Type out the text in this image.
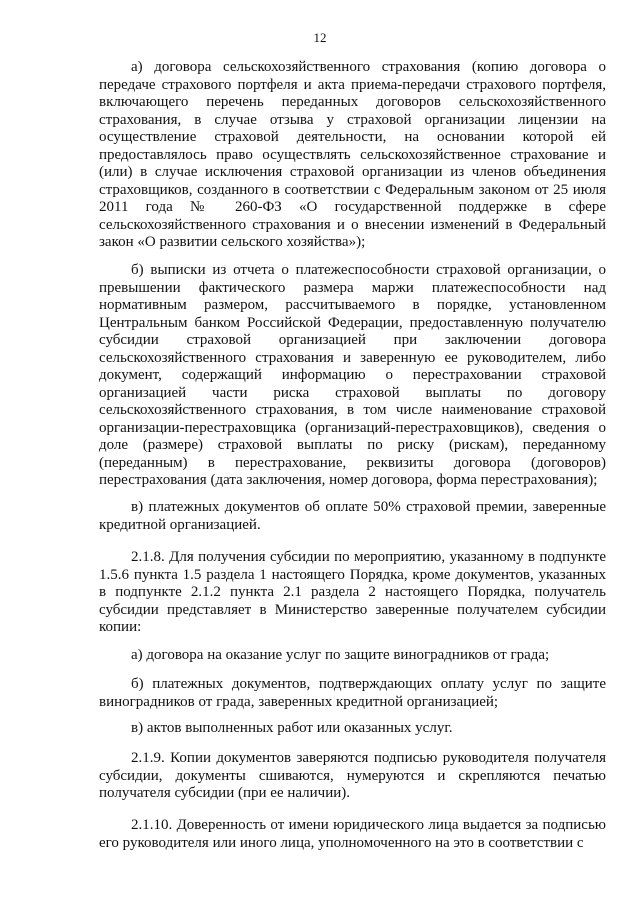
12

а) договора сельскохозяйственного страхования (копию договора о передаче страхового портфеля и акта приема-передачи страхового портфеля, включающего перечень переданных договоров сельскохозяйственного страхования, в случае отзыва у страховой организации лицензии на осуществление страховой деятельности, на основании которой ей предоставлялось право осуществлять сельскохозяйственное страхование и (или) в случае исключения страховой организации из членов объединения страховщиков, созданного в соответствии с Федеральным законом от 25 июля 2011 года № 260-ФЗ «О государственной поддержке в сфере сельскохозяйственного страхования и о внесении изменений в Федеральный закон «О развитии сельского хозяйства»);

б) выписки из отчета о платежеспособности страховой организации, о превышении фактического размера маржи платежеспособности над нормативным размером, рассчитываемого в порядке, установленном Центральным банком Российской Федерации, предоставленную получателю субсидии страховой организацией при заключении договора сельскохозяйственного страхования и заверенную ее руководителем, либо документ, содержащий информацию о перестраховании страховой организацией части риска страховой выплаты по договору сельскохозяйственного страхования, в том числе наименование страховой организации-перестраховщика (организаций-перестраховщиков), сведения о доле (размере) страховой выплаты по риску (рискам), переданному (переданным) в перестрахование, реквизиты договора (договоров) перестрахования (дата заключения, номер договора, форма перестрахования);

в) платежных документов об оплате 50% страховой премии, заверенные кредитной организацией.

2.1.8. Для получения субсидии по мероприятию, указанному в подпункте 1.5.6 пункта 1.5 раздела 1 настоящего Порядка, кроме документов, указанных в подпункте 2.1.2 пункта 2.1 раздела 2 настоящего Порядка, получатель субсидии представляет в Министерство заверенные получателем субсидии копии:

а) договора на оказание услуг по защите виноградников от града;

б) платежных документов, подтверждающих оплату услуг по защите виноградников от града, заверенных кредитной организацией;

в) актов выполненных работ или оказанных услуг.

2.1.9. Копии документов заверяются подписью руководителя получателя субсидии, документы сшиваются, нумеруются и скрепляются печатью получателя субсидии (при ее наличии).

2.1.10. Доверенность от имени юридического лица выдается за подписью его руководителя или иного лица, уполномоченного на это в соответствии с
